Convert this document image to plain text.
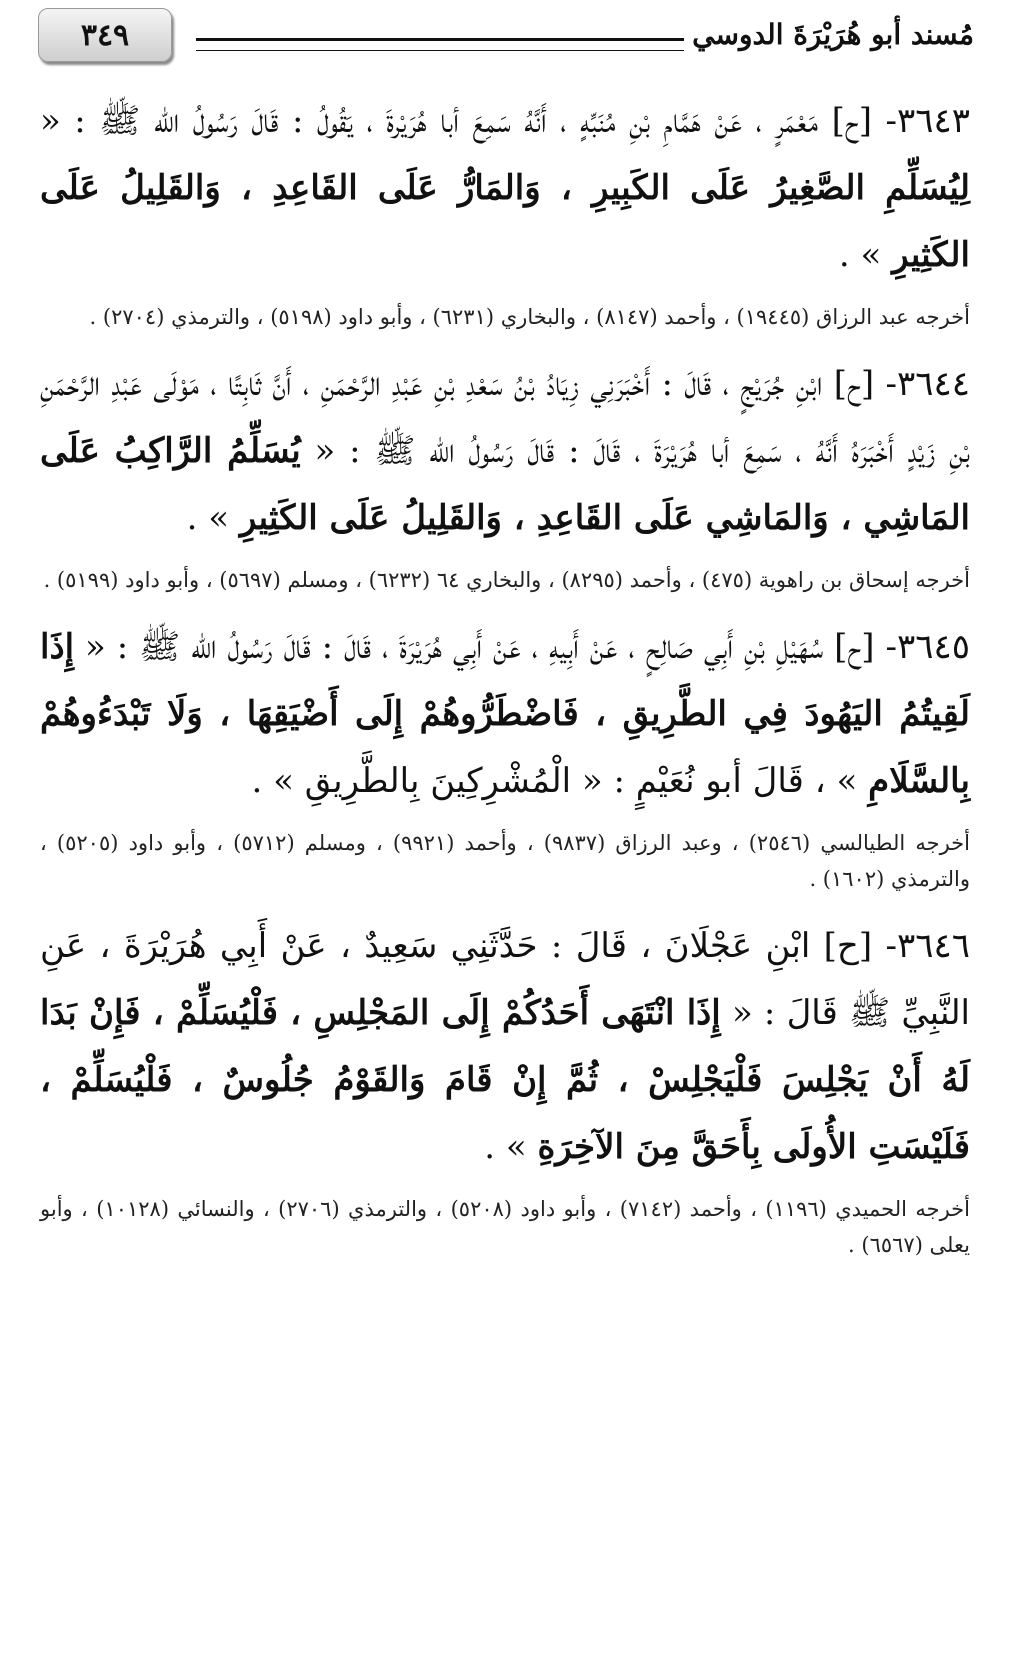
مُسند أبو هُرَيْرَةَ الدوسي
٣٤٩

٣٦٤٣- [ح] مَعْمَرٍ ، عَنْ هَمَّامِ بْنِ مُنَبِّهٍ ، أَنَّهُ سَمِعَ أبا هُرَيْرةَ ، يَقُولُ : قَالَ رَسُولُ الله ﷺ : « لِيُسَلِّمِ الصَّغِيرُ عَلَى الكَبِيرِ ، وَالمَارُّ عَلَى القَاعِدِ ، وَالقَلِيلُ عَلَى الكَثِيرِ » .

أخرجه عبد الرزاق (١٩٤٤٥) ، وأحمد (٨١٤٧) ، والبخاري (٦٢٣١) ، وأبو داود (٥١٩٨) ، والترمذي (٢٧٠٤) .

٣٦٤٤- [ح] ابْنِ جُرَيْجٍ ، قَالَ : أَخْبَرَنِي زِيَادُ بْنُ سَعْدِ بْنِ عَبْدِ الرَّحْمَنِ ، أَنَّ ثَابِتًا ، مَوْلَى عَبْدِ الرَّحْمَنِ بْنِ زَيْدٍ أَخْبَرَهُ أَنَّهُ ، سَمِعَ أبا هُرَيْرَةَ ، قَالَ : قَالَ رَسُولُ الله ﷺ : « يُسَلِّمُ الرَّاكِبُ عَلَى المَاشِي ، وَالمَاشِي عَلَى القَاعِدِ ، وَالقَلِيلُ عَلَى الكَثِيرِ » .

أخرجه إسحاق بن راهوية (٤٧٥) ، وأحمد (٨٢٩٥) ، والبخاري ٦٤ (٦٢٣٢) ، ومسلم (٥٦٩٧) ، وأبو داود (٥١٩٩) .

٣٦٤٥- [ح] سُهَيْلِ بْنِ أَبِي صَالِحٍ ، عَنْ أَبِيهِ ، عَنْ أَبِي هُرَيْرَةَ ، قَالَ : قَالَ رَسُولُ الله ﷺ : « إِذَا لَقِيتُمُ اليَهُودَ فِي الطَّرِيقِ ، فَاضْطَرُّوهُمْ إِلَى أَضْيَقِهَا ، وَلَا تَبْدَءُوهُمْ بِالسَّلَامِ » ، قَالَ أبو نُعَيْمٍ : « الْمُشْرِكِينَ بِالطَّرِيقِ » .

أخرجه الطيالسي (٢٥٤٦) ، وعبد الرزاق (٩٨٣٧) ، وأحمد (٩٩٢١) ، ومسلم (٥٧١٢) ، وأبو داود (٥٢٠٥) ، والترمذي (١٦٠٢) .

٣٦٤٦- [ح] ابْنِ عَجْلَانَ ، قَالَ : حَدَّثَنِي سَعِيدٌ ، عَنْ أَبِي هُرَيْرَةَ ، عَنِ النَّبِيِّ ﷺ قَالَ : « إِذَا انْتَهَى أَحَدُكُمْ إِلَى المَجْلِسِ ، فَلْيُسَلِّمْ ، فَإِنْ بَدَا لَهُ أَنْ يَجْلِسَ فَلْيَجْلِسْ ، ثُمَّ إِنْ قَامَ وَالقَوْمُ جُلُوسٌ ، فَلْيُسَلِّمْ ، فَلَيْسَتِ الأُولَى بِأَحَقَّ مِنَ الآخِرَةِ » .

أخرجه الحميدي (١١٩٦) ، وأحمد (٧١٤٢) ، وأبو داود (٥٢٠٨) ، والترمذي (٢٧٠٦) ، والنسائي (١٠١٢٨) ، وأبو يعلى (٦٥٦٧) .
